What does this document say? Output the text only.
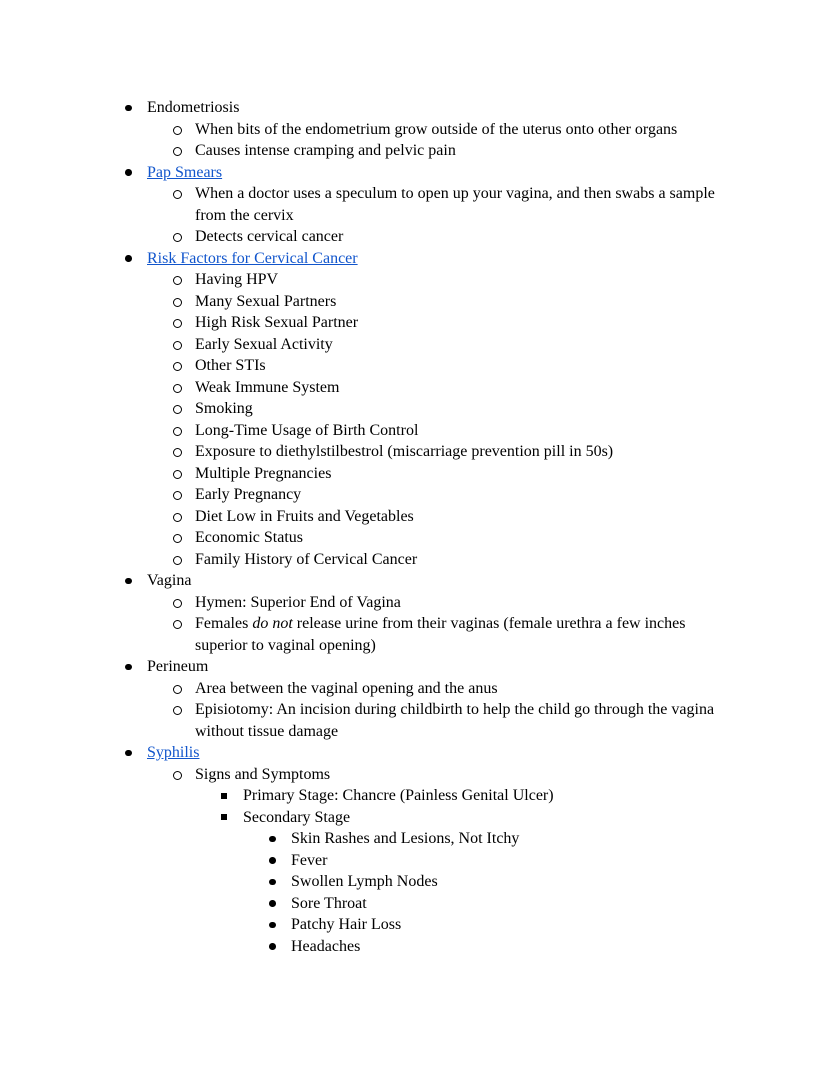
Endometriosis
When bits of the endometrium grow outside of the uterus onto other organs
Causes intense cramping and pelvic pain
Pap Smears
When a doctor uses a speculum to open up your vagina, and then swabs a sample from the cervix
Detects cervical cancer
Risk Factors for Cervical Cancer
Having HPV
Many Sexual Partners
High Risk Sexual Partner
Early Sexual Activity
Other STIs
Weak Immune System
Smoking
Long-Time Usage of Birth Control
Exposure to diethylstilbestrol (miscarriage prevention pill in 50s)
Multiple Pregnancies
Early Pregnancy
Diet Low in Fruits and Vegetables
Economic Status
Family History of Cervical Cancer
Vagina
Hymen: Superior End of Vagina
Females do not release urine from their vaginas (female urethra a few inches superior to vaginal opening)
Perineum
Area between the vaginal opening and the anus
Episiotomy: An incision during childbirth to help the child go through the vagina without tissue damage
Syphilis
Signs and Symptoms
Primary Stage: Chancre (Painless Genital Ulcer)
Secondary Stage
Skin Rashes and Lesions, Not Itchy
Fever
Swollen Lymph Nodes
Sore Throat
Patchy Hair Loss
Headaches
